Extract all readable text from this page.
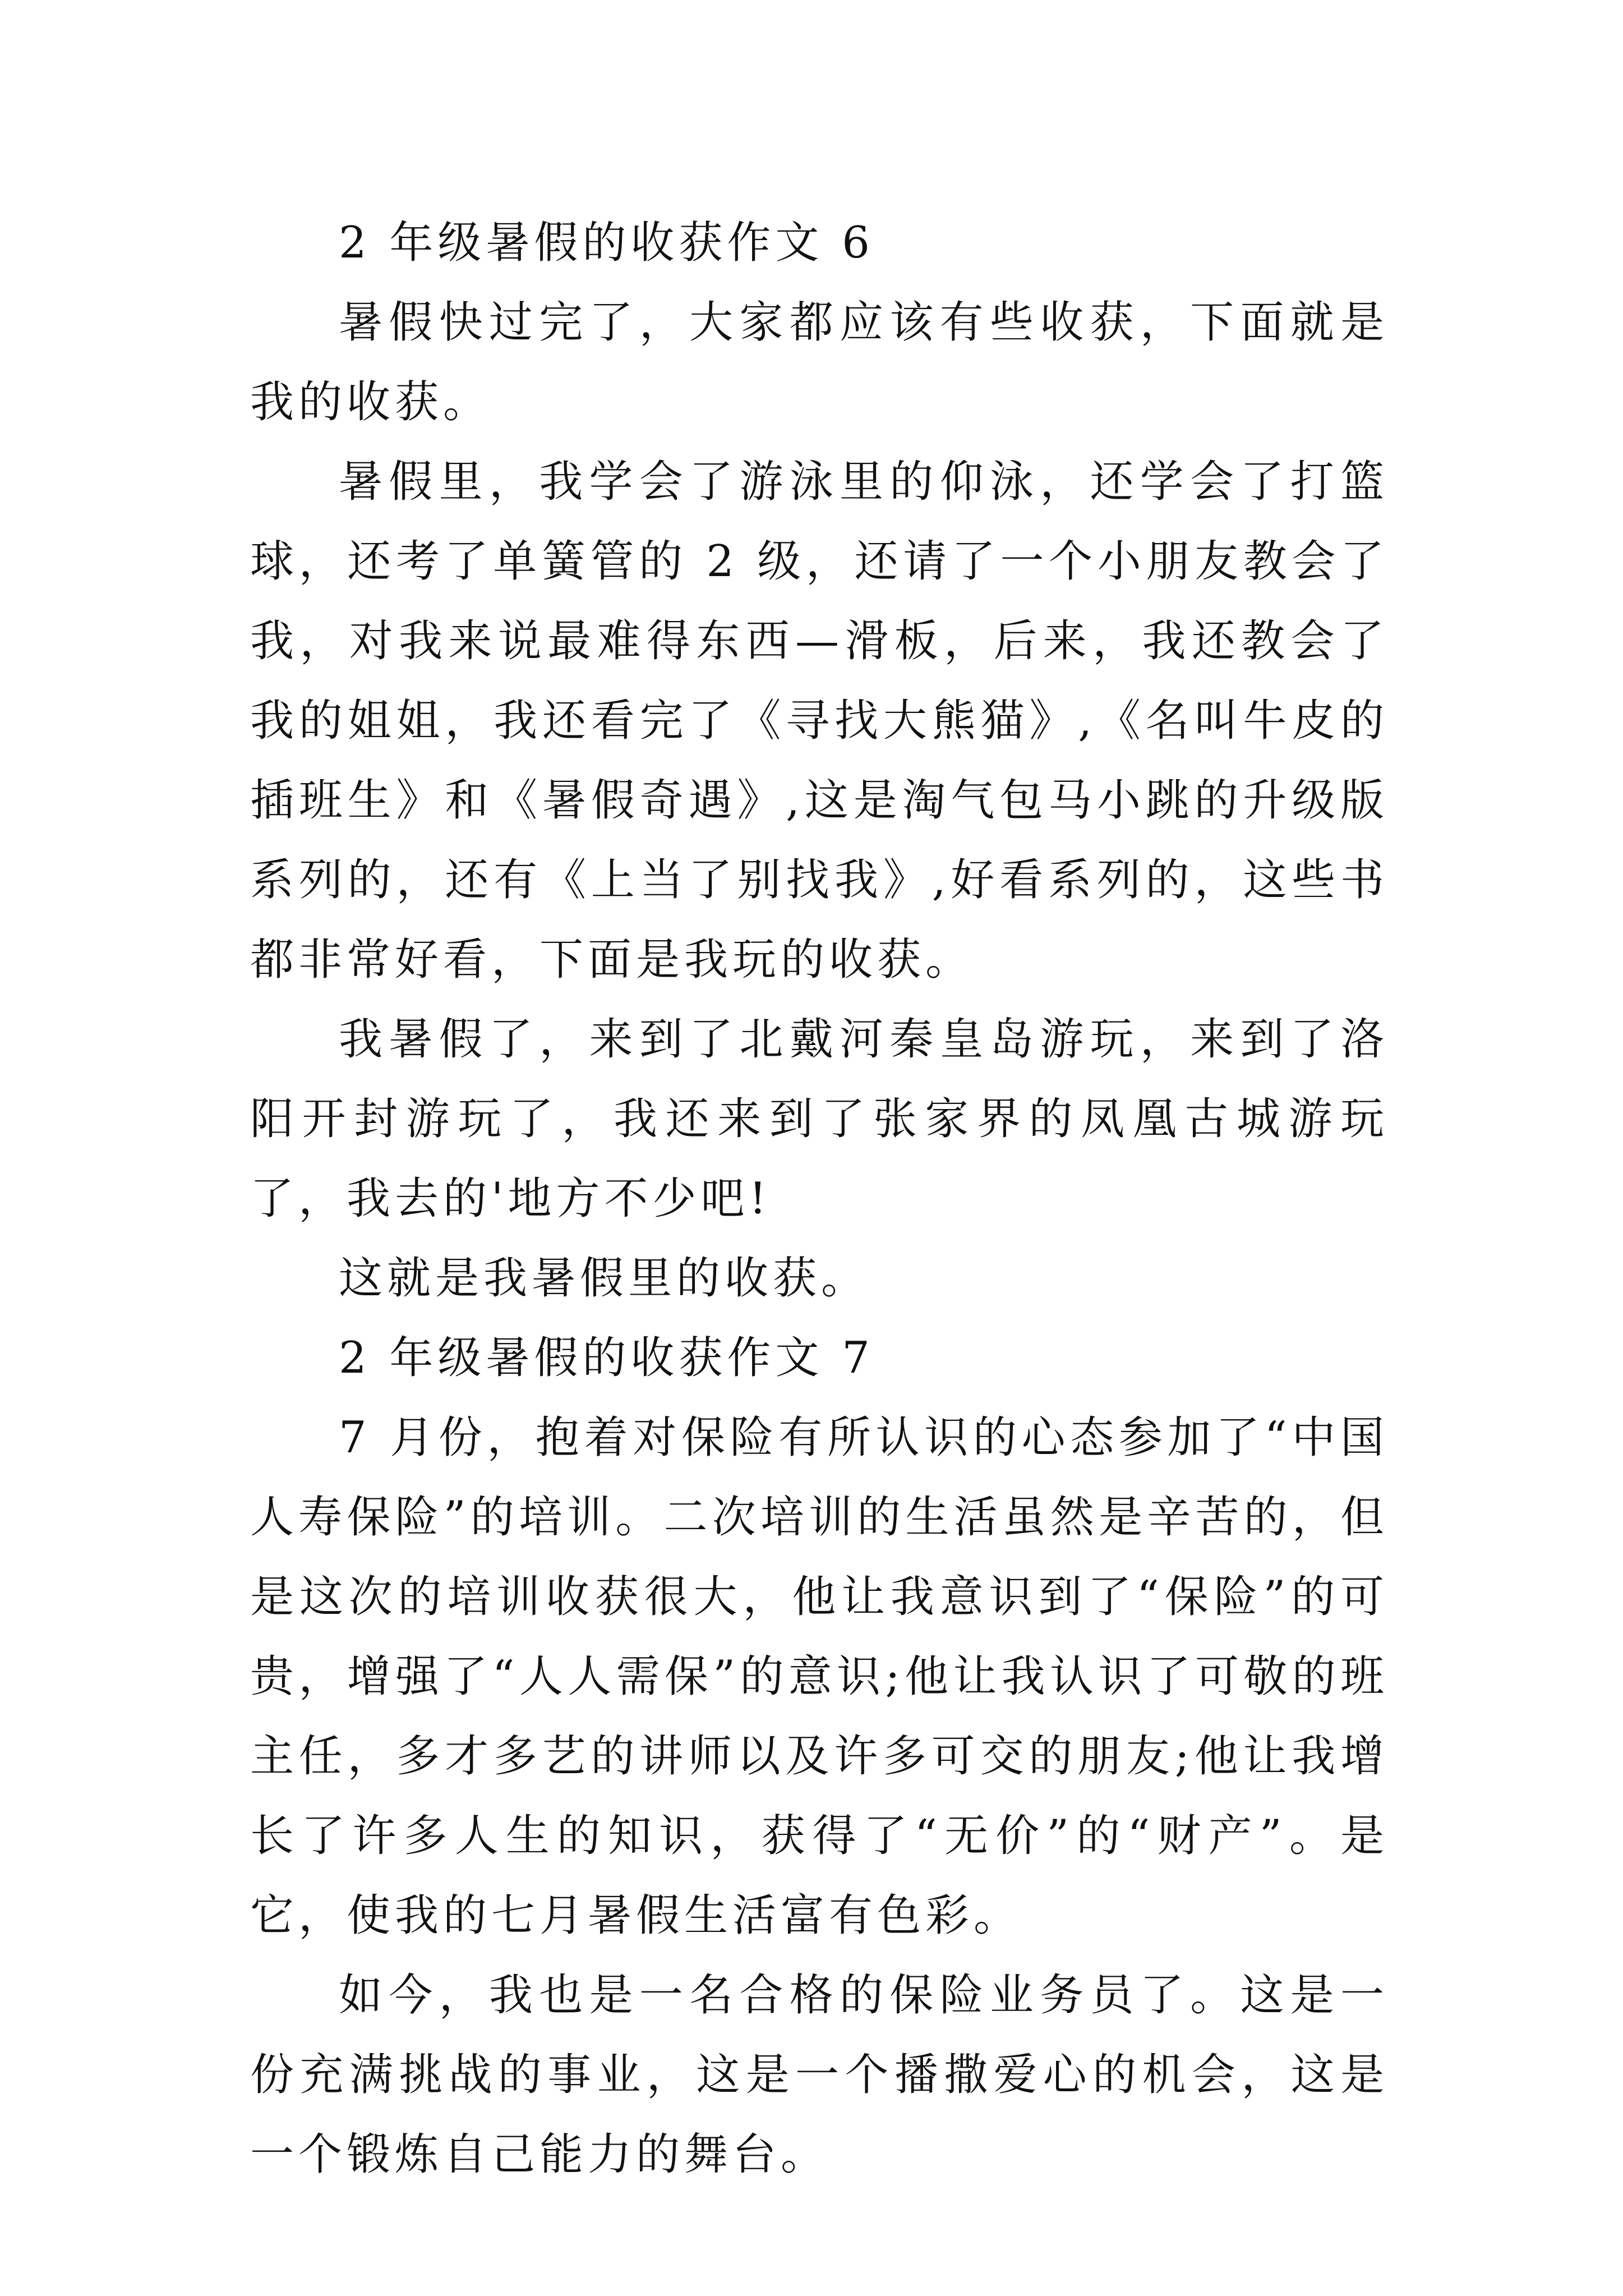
2 年级暑假的收获作文 6

暑假快过完了，大家都应该有些收获，下面就是我的收获。

暑假里，我学会了游泳里的仰泳，还学会了打篮球，还考了单簧管的 2 级，还请了一个小朋友教会了我，对我来说最难得东西—滑板，后来，我还教会了我的姐姐，我还看完了《寻找大熊猫》,《名叫牛皮的插班生》和《暑假奇遇》,这是淘气包马小跳的升级版系列的，还有《上当了别找我》,好看系列的，这些书都非常好看，下面是我玩的收获。

我暑假了，来到了北戴河秦皇岛游玩，来到了洛阳开封游玩了，我还来到了张家界的凤凰古城游玩了，我去的'地方不少吧!

这就是我暑假里的收获。

2 年级暑假的收获作文 7

7 月份，抱着对保险有所认识的心态参加了“中国人寿保险”的培训。二次培训的生活虽然是辛苦的，但是这次的培训收获很大，他让我意识到了“保险”的可贵，增强了“人人需保”的意识;他让我认识了可敬的班主任，多才多艺的讲师以及许多可交的朋友;他让我增长了许多人生的知识，获得了“无价”的“财产”。是它，使我的七月暑假生活富有色彩。

如今，我也是一名合格的保险业务员了。这是一份充满挑战的事业，这是一个播撒爱心的机会，这是一个锻炼自己能力的舞台。
